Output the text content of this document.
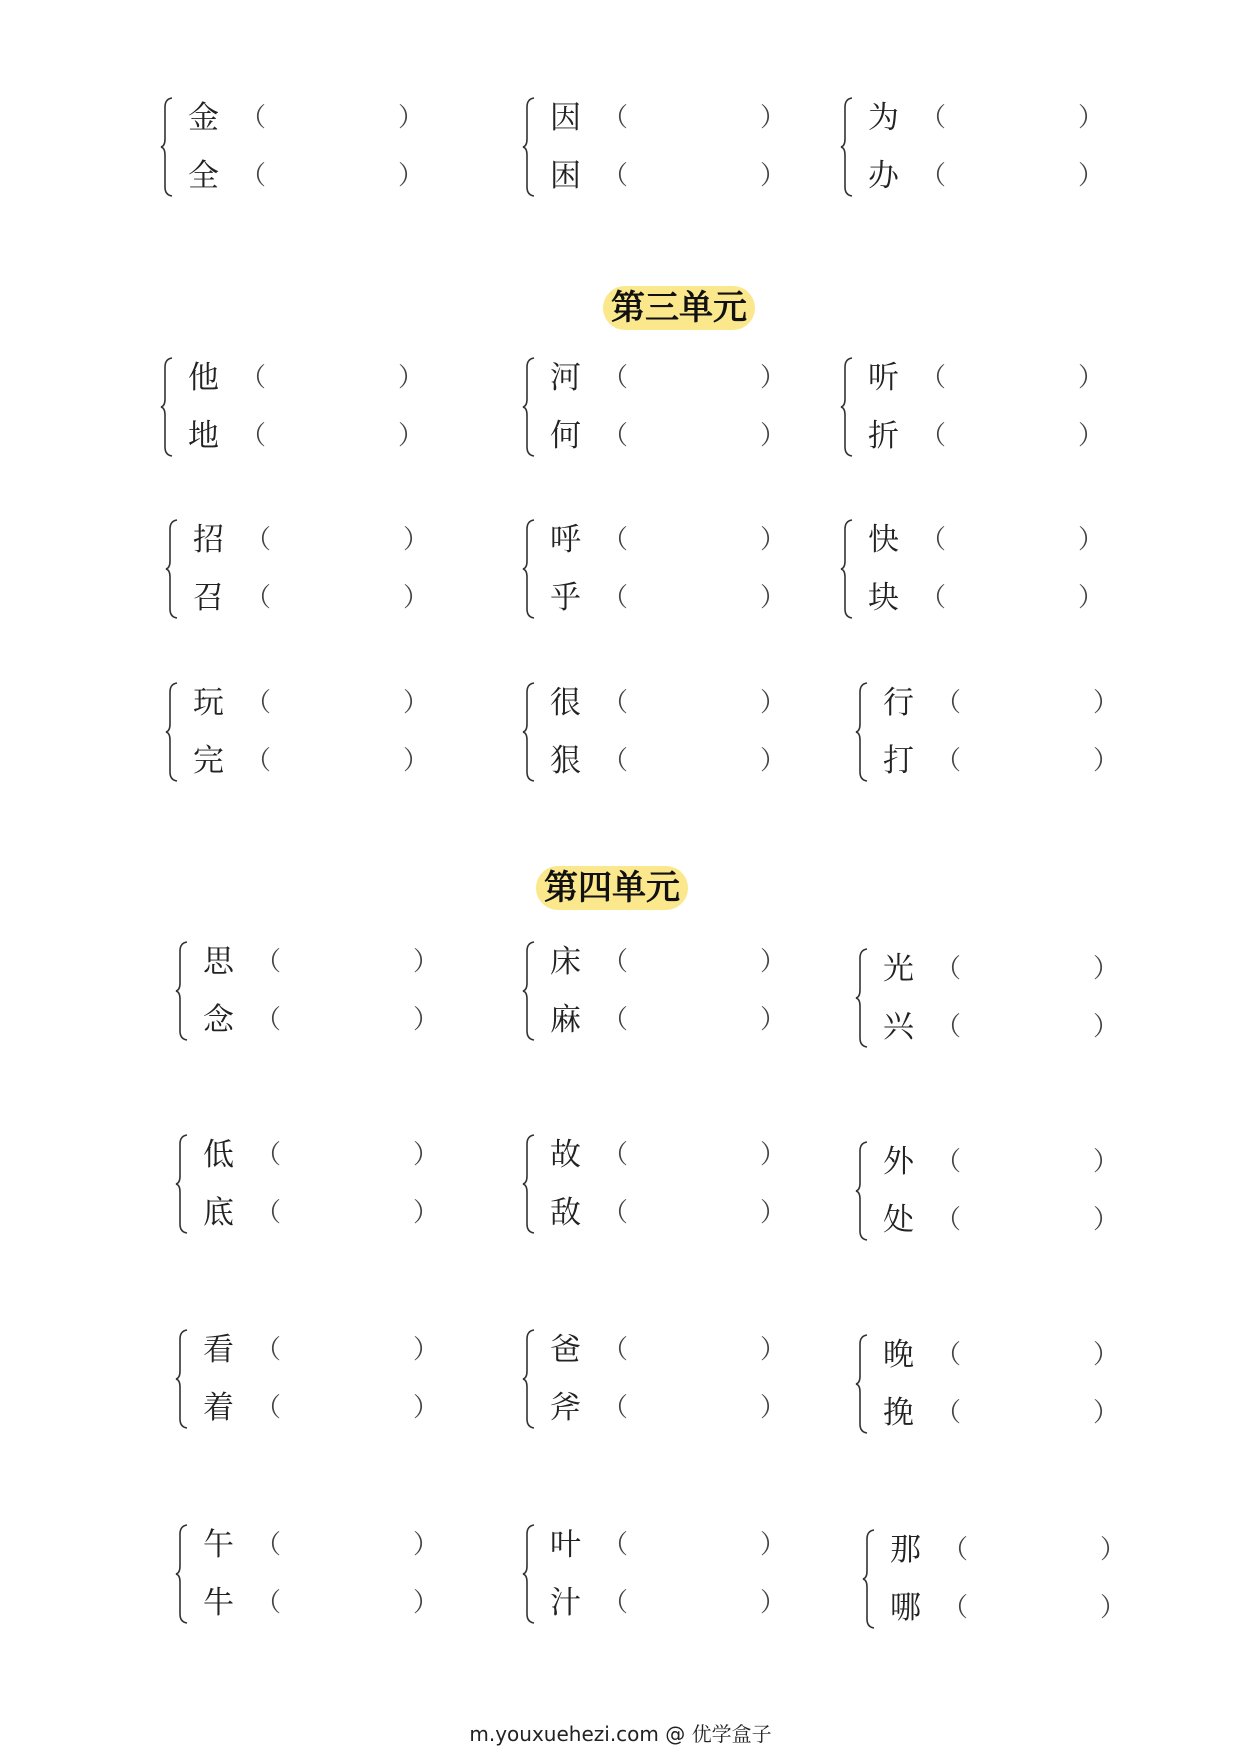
金 （	）
全 （	）
因 （	）
困 （	）
为 （	）
办 （	）
他 （	）
地 （	）
河 （	）
何 （	）
听 （	）
折 （	）
招 （	）
召 （	）
呼 （	）
乎 （	）
快 （	）
块 （	）
玩 （	）
完 （	）
很 （	）
狠 （	）
行 （	）
打 （	）
思 （	）
念 （	）
床 （	）
麻 （	）
光 （	）
兴 （	）
低 （	）
底 （	）
故 （	）
敌 （	）
外 （	）
处 （	）
看 （	）
着 （	）
爸 （	）
斧 （	）
晚 （	）
挽 （	）
午 （	）
牛 （	）
叶 （	）
汁 （	）
那 （	）
哪 （	）
第三单元
第四单元
m.youxuehezi.com @ 优学盒子
